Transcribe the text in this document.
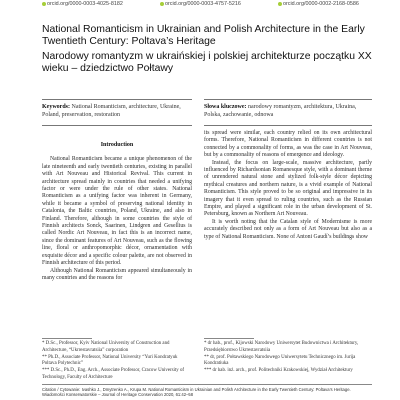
orcid.org/0000-0003-4025-8182	orcid.org/0000-0003-4757-5216	orcid.org/0000-0002-2168-0586
National Romanticism in Ukrainian and Polish Architecture in the Early Twentieth Century: Poltava’s Heritage
Narodowy romantyzm w ukraińskiej i polskiej architekturze początku XX wieku – dziedzictwo Połtawy
Keywords: National Romanticism, architecture, Ukraine, Poland, preservation, restoration
Słowa kluczowe: narodowy romantyzm, architektura, Ukraina, Polska, zachowanie, odnowa
Introduction

National Romanticism became a unique phenomenon of the late nineteenth and early twentieth centuries, existing in parallel with Art Nouveau and Historical Revival. This current in architecture spread mainly in countries that needed a unifying factor or were under the rule of other states. National Romanticism as a unifying factor was inherent in Germany, while it became a symbol of preserving national identity in Catalonia, the Baltic countries, Poland, Ukraine, and also in Finland. Therefore, although in some countries the style of Finnish architects Sonck, Saarinen, Lindgren and Gesellius is called Nordic Art Nouveau, in fact this is an incorrect name, since the dominant features of Art Nouveau, such as the flowing line, floral or anthropomorphic décor, ornamentation with exquisite décor and a specific colour palette, are not observed in Finnish architecture of this period.

Although National Romanticism appeared simultaneously in many countries and the reasons for

its spread were similar, each country relied on its own architectural forms. Therefore, National Romanticism in different countries is not connected by a commonality of forms, as was the case in Art Nouveau, but by a commonality of reasons of emergence and ideology.

Instead, the focus on large-scale, massive architecture, partly influenced by Richardsonian Romanesque style, with a dominant theme of unrendered natural stone and stylized folk-style décor depicting mythical creatures and northern nature, is a vivid example of National Romanticism. This style proved to be so original and impressive in its imagery that it even spread to ruling countries, such as the Russian Empire, and played a significant role in the urban development of St. Petersburg, known as Northern Art Nouveau.

It is worth noting that the Catalan style of Modernisme is more accurately described not only as a form of Art Nouveau but also as a type of National Romanticism. None of Antoni Gaudí’s buildings show

* D.Sc., Professor, Kyiv National University of Construction and Architecture, “Ukrrestavratsiia” corporation

** Ph.D., Associate Professor, National University “Yuri Kondratyuk Poltava Polytechnic”

*** D.Sc., Ph.D., Eng. Arch., Associate Professor, Cracow University of Technology, Faculty of Architecture

* dr hab., prof., Kijowski Narodowy Uniwersytet Budownictwa i Architektury, Przedsiębiorstwo Ukrrestavratsiia

** dr, prof. Połtawskiego Narodowego Uniwersytetu Technicznego im. Jurija Kondratiuka

*** dr hab. inż. arch., prof. Politechniki Krakowskiej, Wydział Architektury

Citation / Cytowanie: Ivashko J., Dmytrenko A., Krupa M. National Romanticism in Ukrainian and Polish Architecture in the Early Twentieth Century: Poltava’s Heritage. Wiadomości Konserwatorskie – Journal of Heritage Conservation 2020, 61:42–58
